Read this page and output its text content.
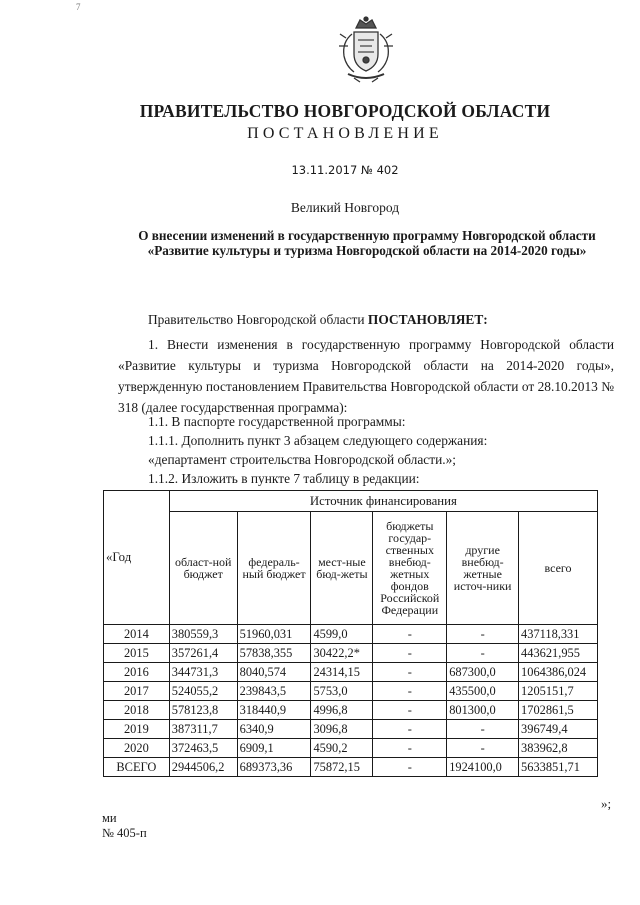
7
ПРАВИТЕЛЬСТВО НОВГОРОДСКОЙ ОБЛАСТИ
ПОСТАНОВЛЕНИЕ
13.11.2017 № 402
Великий Новгород
О внесении изменений в государственную программу Новгородской области «Развитие культуры и туризма Новгородской области на 2014-2020 годы»
Правительство Новгородской области ПОСТАНОВЛЯЕТ:
1. Внести изменения в государственную программу Новгородской области «Развитие культуры и туризма Новгородской области на 2014-2020 годы», утвержденную постановлением Правительства Новгородской области от 28.10.2013 № 318 (далее государственная программа):
1.1. В паспорте государственной программы:
1.1.1. Дополнить пункт 3 абзацем следующего содержания:
«департамент строительства Новгородской области.»;
1.1.2. Изложить в пункте 7 таблицу в редакции:
«Год	Источник финансирования					
	област-ной бюджет	федераль-ный бюджет	мест-ные бюд-жеты	бюджеты государ-ственных внебюд-жетных фондов Российской Федерации	другие внебюд-жетные источ-ники	всего
2014	380559,3	51960,031	4599,0	-	-	437118,331
2015	357261,4	57838,355	30422,2*	-	-	443621,955
2016	344731,3	8040,574	24314,15	-	687300,0	1064386,024
2017	524055,2	239843,5	5753,0	-	435500,0	1205151,7
2018	578123,8	318440,9	4996,8	-	801300,0	1702861,5
2019	387311,7	6340,9	3096,8	-	-	396749,4
2020	372463,5	6909,1	4590,2	-	-	383962,8
ВСЕГО	2944506,2	689373,36	75872,15	-	1924100,0	5633851,71
»;
ми
№ 405-п
